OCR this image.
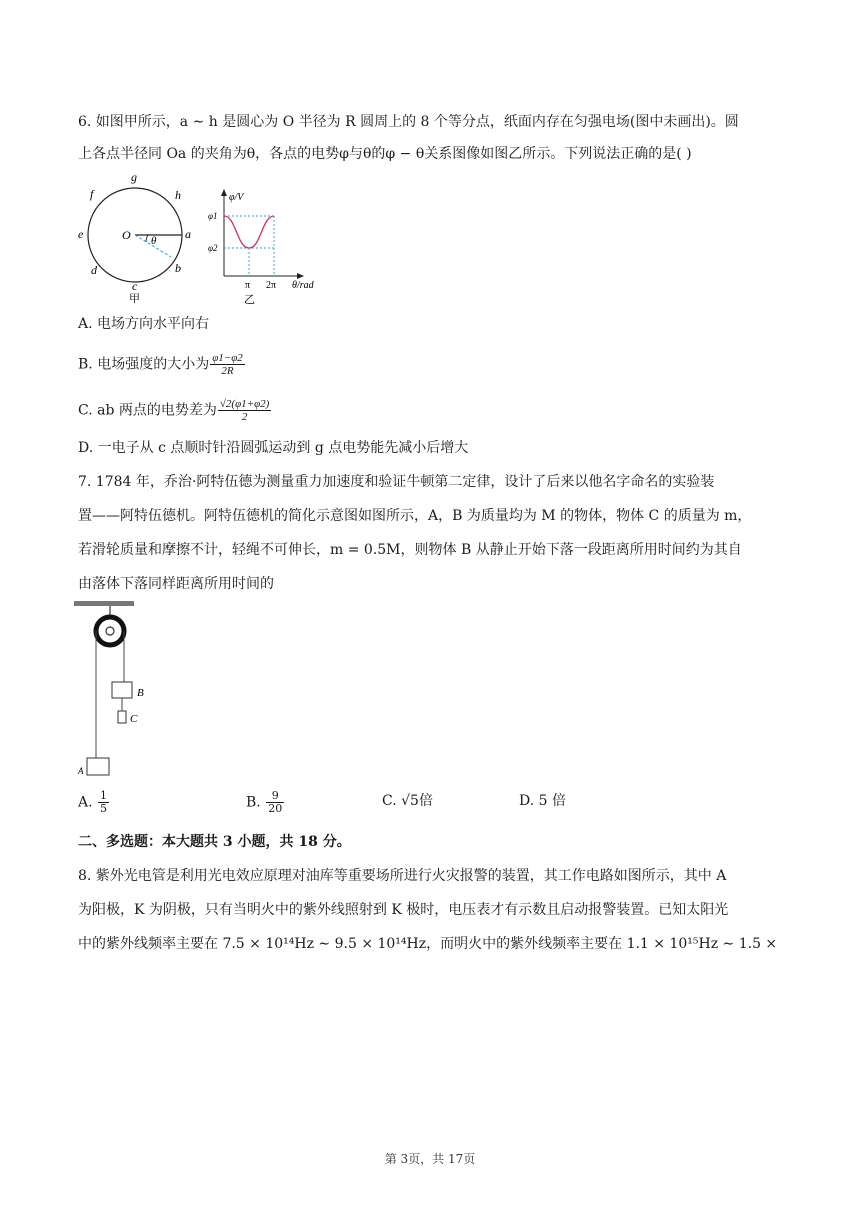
6. 如图甲所示，a ∼ h 是圆心为 O 半径为 R 圆周上的 8 个等分点，纸面内存在匀强电场(图中未画出)。圆
上各点半径同 Oa 的夹角为θ，各点的电势φ与θ的φ − θ关系图像如图乙所示。下列说法正确的是( )
O θ a
b
c
d
e
f
g
h
甲
φ/V
φ1
φ2
π 2π θ/rad
乙
A. 电场方向水平向右
B. 电场强度的大小为 $\frac{\varphi 1-\varphi 2}{2R}$
C. ab 两点的电势差为 $\frac{√2(\varphi 1+\varphi 2)}{2}$
D. 一电子从 c 点顺时针沿圆弧运动到 g 点电势能先减小后增大
7. 1784 年，乔治·阿特伍德为测量重力加速度和验证牛顿第二定律，设计了后来以他名字命名的实验装
置——阿特伍德机。阿特伍德机的简化示意图如图所示，A，B 为质量均为 M 的物体，物体 C 的质量为 m，
若滑轮质量和摩擦不计，轻绳不可伸长，m = 0.5M，则物体 B 从静止开始下落一段距离所用时间约为其自
由落体下落同样距离所用时间的
B
C
A
A. $\frac{1}{5}$	B. $\frac{9}{20}$	C. √5倍	D. 5 倍
二、多选题：本大题共 3 小题，共 18 分。
8. 紫外光电管是利用光电效应原理对油库等重要场所进行火灾报警的装置，其工作电路如图所示，其中 A
为阳极，K 为阴极，只有当明火中的紫外线照射到 K 极时，电压表才有示数且启动报警装置。已知太阳光
中的紫外线频率主要在 7.5 × 10¹⁴Hz ∼ 9.5 × 10¹⁴Hz，而明火中的紫外线频率主要在 1.1 × 10¹⁵Hz ∼ 1.5 ×
第 3页，共 17页
